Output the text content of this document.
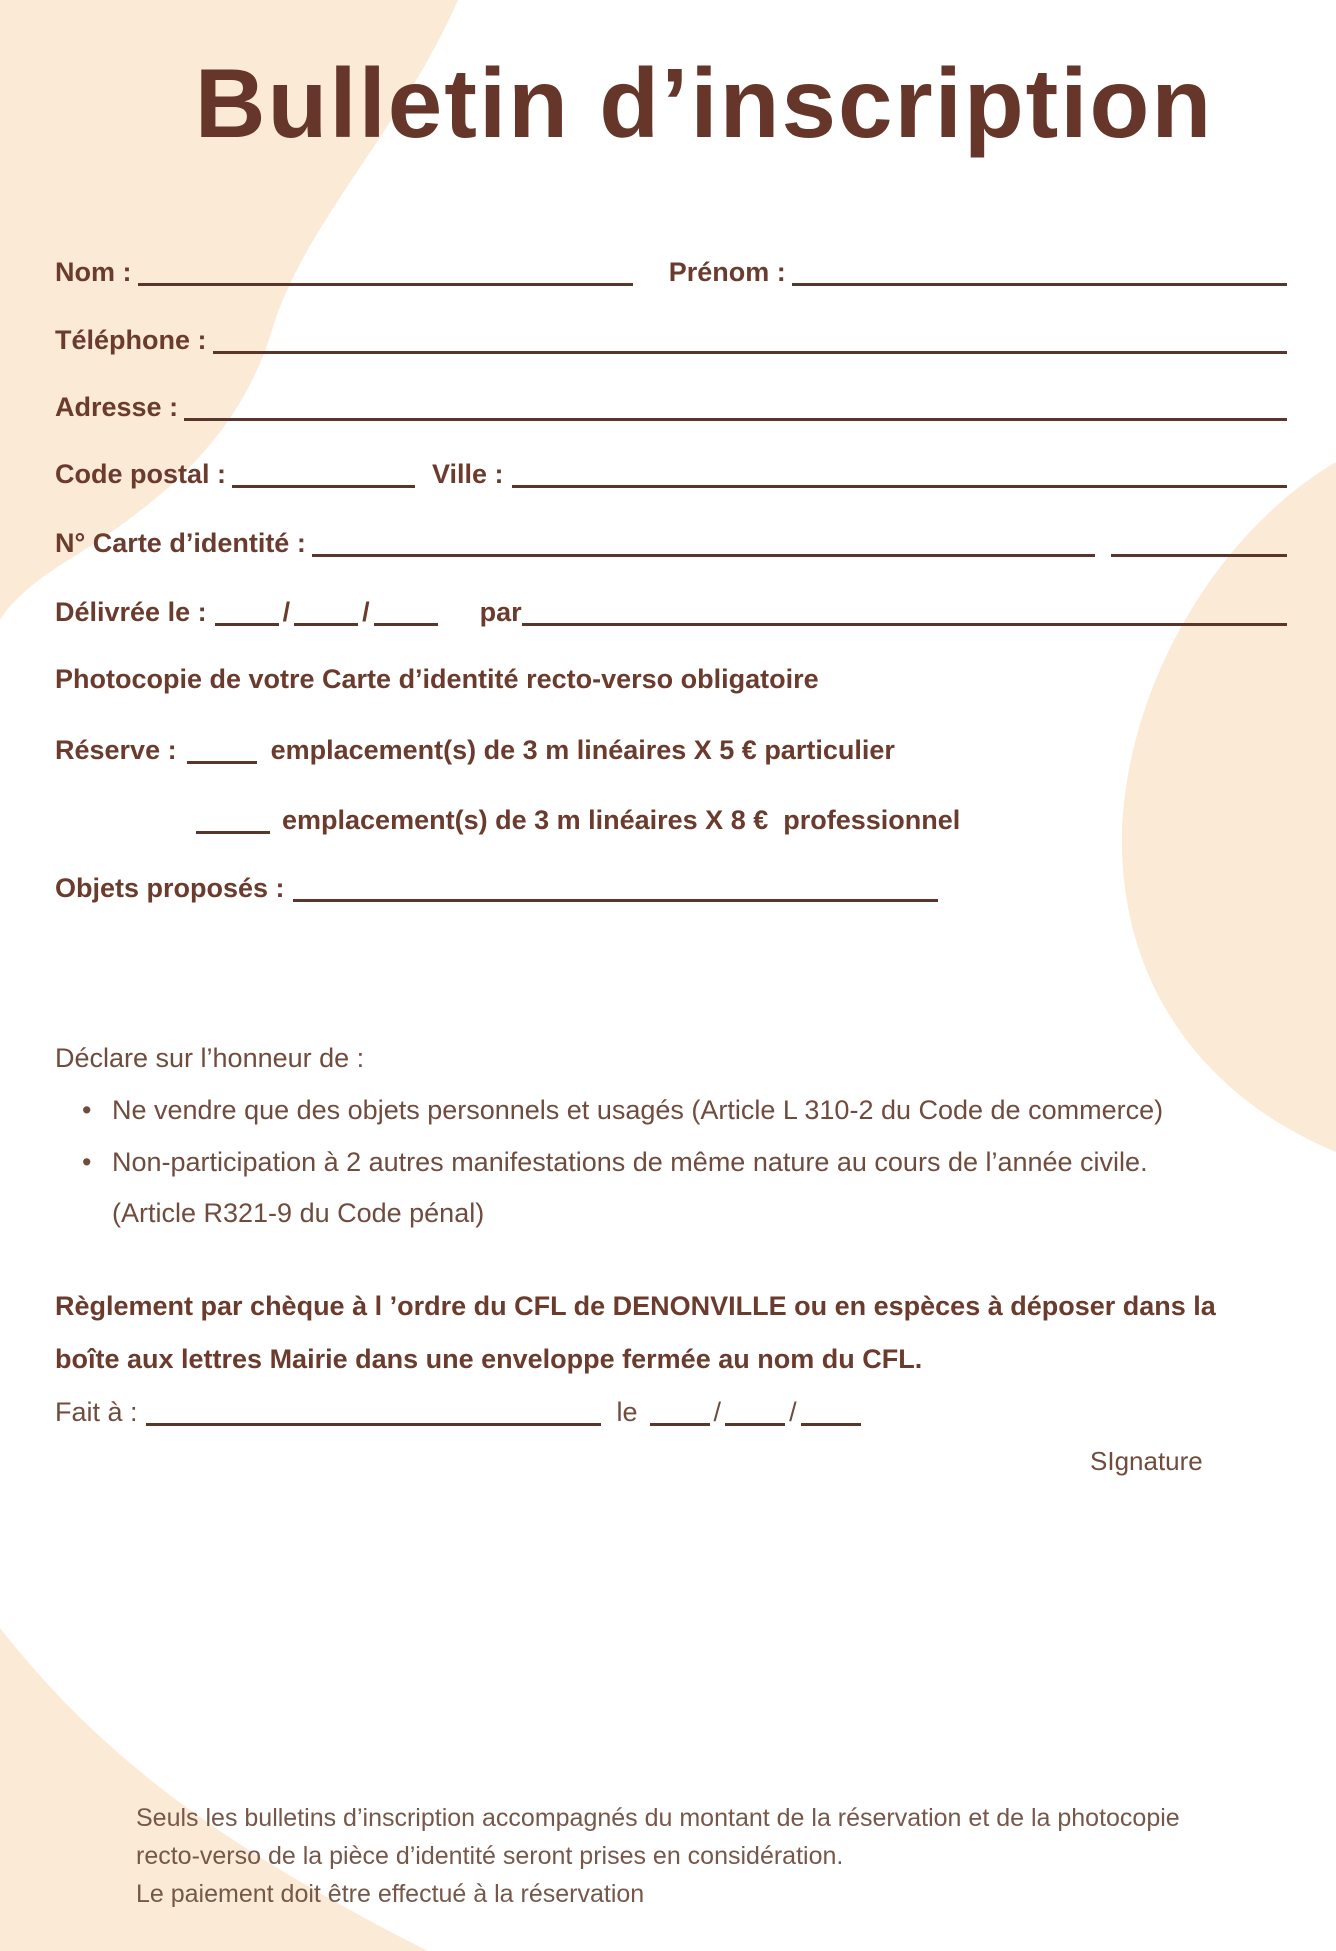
Bulletin d’inscription
Nom :	Prénom :
Téléphone :
Adresse :
Code postal :	Ville :
N° Carte d’identité :
Délivrée le :	/	/	par
Photocopie de votre Carte d’identité recto-verso obligatoire
Réserve :	emplacement(s) de 3 m linéaires X 5 € particulier
emplacement(s) de 3 m linéaires X 8 €  professionnel
Objets proposés :
Déclare sur l’honneur de :
• Ne vendre que des objets personnels et usagés (Article L 310-2 du Code de commerce)
• Non-participation à 2 autres manifestations de même nature au cours de l’année civile.
(Article R321-9 du Code pénal)
Règlement par chèque à l ’ordre du CFL de DENONVILLE ou en espèces à déposer dans la
boîte aux lettres Mairie dans une enveloppe fermée au nom du CFL.
Fait à :	le	/	/
SIgnature
Seuls les bulletins d’inscription accompagnés du montant de la réservation et de la photocopie
recto-verso de la pièce d’identité seront prises en considération.
Le paiement doit être effectué à la réservation
